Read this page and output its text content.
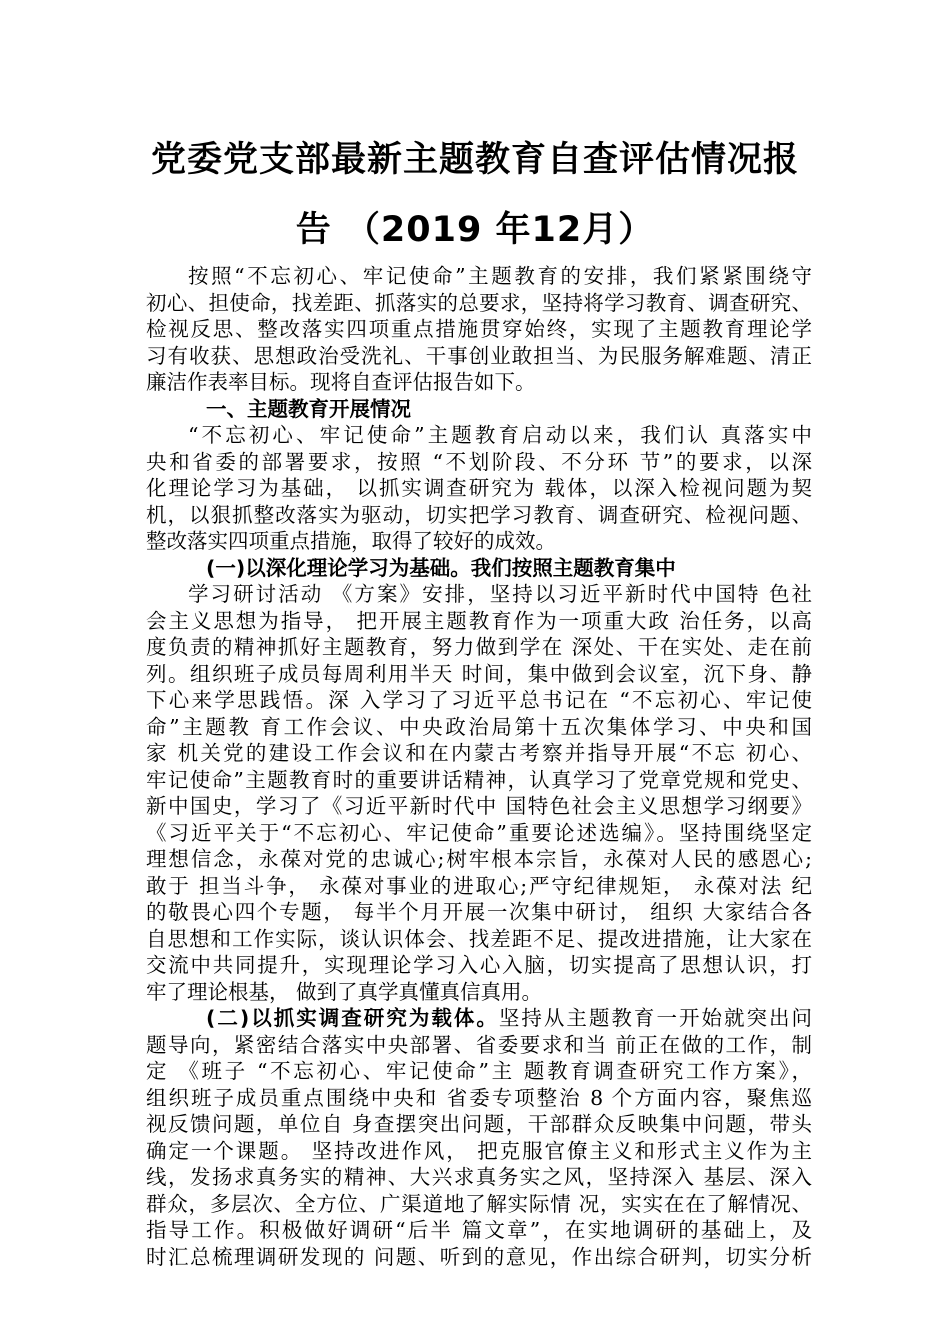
党委党支部最新主题教育自查评估情况报
告 （2019 年12月）
按照“不忘初心、牢记使命”主题教育的安排，我们紧紧围绕守
初心、担使命，找差距、抓落实的总要求，坚持将学习教育、调查研究、
检视反思、整改落实四项重点措施贯穿始终，实现了主题教育理论学
习有收获、思想政治受洗礼、干事创业敢担当、为民服务解难题、清正
廉洁作表率目标。现将自查评估报告如下。
一、主题教育开展情况
“不忘初心、牢记使命”主题教育启动以来，我们认 真落实中
央和省委的部署要求，按照 “不划阶段、不分环 节”的要求，以深
化理论学习为基础， 以抓实调查研究为 载体，以深入检视问题为契
机，以狠抓整改落实为驱动，切实把学习教育、调查研究、检视问题、
整改落实四项重点措施，取得了较好的成效。
(一)以深化理论学习为基础。我们按照主题教育集中
学习研讨活动 《方案》安排，坚持以习近平新时代中国特 色社
会主义思想为指导， 把开展主题教育作为一项重大政 治任务，以高
度负责的精神抓好主题教育，努力做到学在 深处、干在实处、走在前
列。组织班子成员每周利用半天 时间，集中做到会议室，沉下身、静
下心来学思践悟。深 入学习了习近平总书记在 “不忘初心、牢记使
命”主题教 育工作会议、中央政治局第十五次集体学习、中央和国
家 机关党的建设工作会议和在内蒙古考察并指导开展“不忘 初心、
牢记使命”主题教育时的重要讲话精神，认真学习了党章党规和党史、
新中国史，学习了《习近平新时代中 国特色社会主义思想学习纲要》
《习近平关于“不忘初心、牢记使命”重要论述选编》。坚持围绕坚定
理想信念，永葆对党的忠诚心;树牢根本宗旨，永葆对人民的感恩心;
敢于 担当斗争， 永葆对事业的进取心;严守纪律规矩， 永葆对法 纪
的敬畏心四个专题， 每半个月开展一次集中研讨， 组织 大家结合各
自思想和工作实际，谈认识体会、找差距不足、提改进措施，让大家在
交流中共同提升，实现理论学习入心入脑，切实提高了思想认识，打
牢了理论根基， 做到了真学真懂真信真用。
(二)以抓实调查研究为载体。坚持从主题教育一开始就突出问
题导向，紧密结合落实中央部署、省委要求和当 前正在做的工作，制
定 《班子 “不忘初心、牢记使命”主 题教育调查研究工作方案》，
组织班子成员重点围绕中央和 省委专项整治 8 个方面内容，聚焦巡
视反馈问题，单位自 身查摆突出问题，干部群众反映集中问题，带头
确定一个课题。 坚持改进作风， 把克服官僚主义和形式主义作为主
线，发扬求真务实的精神、大兴求真务实之风，坚持深入 基层、深入
群众，多层次、全方位、广渠道地了解实际情 况，实实在在了解情况、
指导工作。积极做好调研“后半 篇文章”，在实地调研的基础上，及
时汇总梳理调研发现的 问题、听到的意见，作出综合研判，切实分析
